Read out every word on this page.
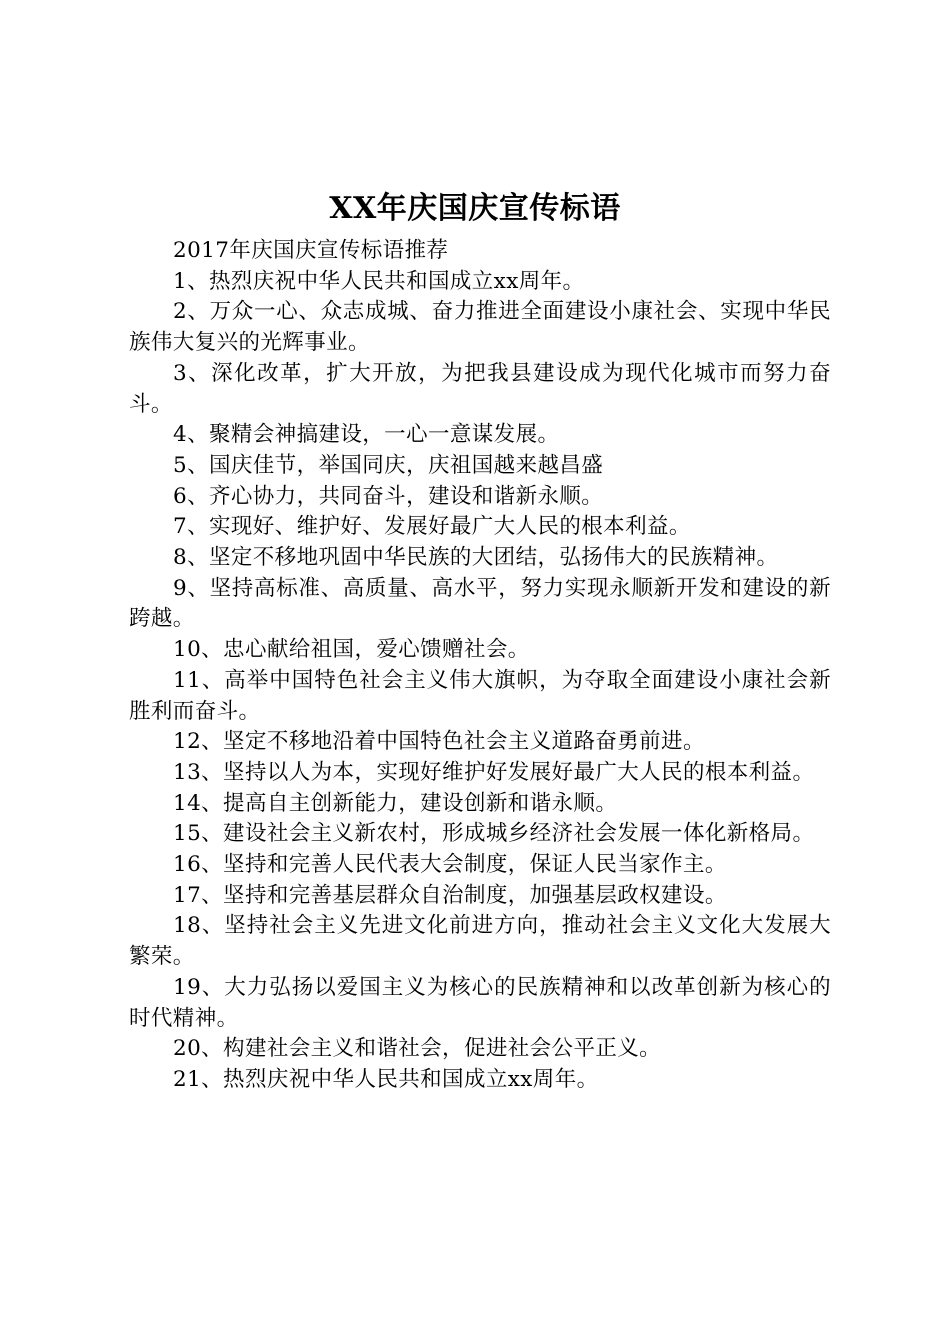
XX年庆国庆宣传标语

2017年庆国庆宣传标语推荐

1、热烈庆祝中华人民共和国成立xx周年。

2、万众一心、众志成城、奋力推进全面建设小康社会、实现中华民族伟大复兴的光辉事业。

3、深化改革，扩大开放，为把我县建设成为现代化城市而努力奋斗。

4、聚精会神搞建设，一心一意谋发展。

5、国庆佳节，举国同庆，庆祖国越来越昌盛

6、齐心协力，共同奋斗，建设和谐新永顺。

7、实现好、维护好、发展好最广大人民的根本利益。

8、坚定不移地巩固中华民族的大团结，弘扬伟大的民族精神。

9、坚持高标准、高质量、高水平，努力实现永顺新开发和建设的新跨越。

10、忠心献给祖国，爱心馈赠社会。

11、高举中国特色社会主义伟大旗帜，为夺取全面建设小康社会新胜利而奋斗。

12、坚定不移地沿着中国特色社会主义道路奋勇前进。

13、坚持以人为本，实现好维护好发展好最广大人民的根本利益。

14、提高自主创新能力，建设创新和谐永顺。

15、建设社会主义新农村，形成城乡经济社会发展一体化新格局。

16、坚持和完善人民代表大会制度，保证人民当家作主。

17、坚持和完善基层群众自治制度，加强基层政权建设。

18、坚持社会主义先进文化前进方向，推动社会主义文化大发展大繁荣。

19、大力弘扬以爱国主义为核心的民族精神和以改革创新为核心的时代精神。

20、构建社会主义和谐社会，促进社会公平正义。

21、热烈庆祝中华人民共和国成立xx周年。
